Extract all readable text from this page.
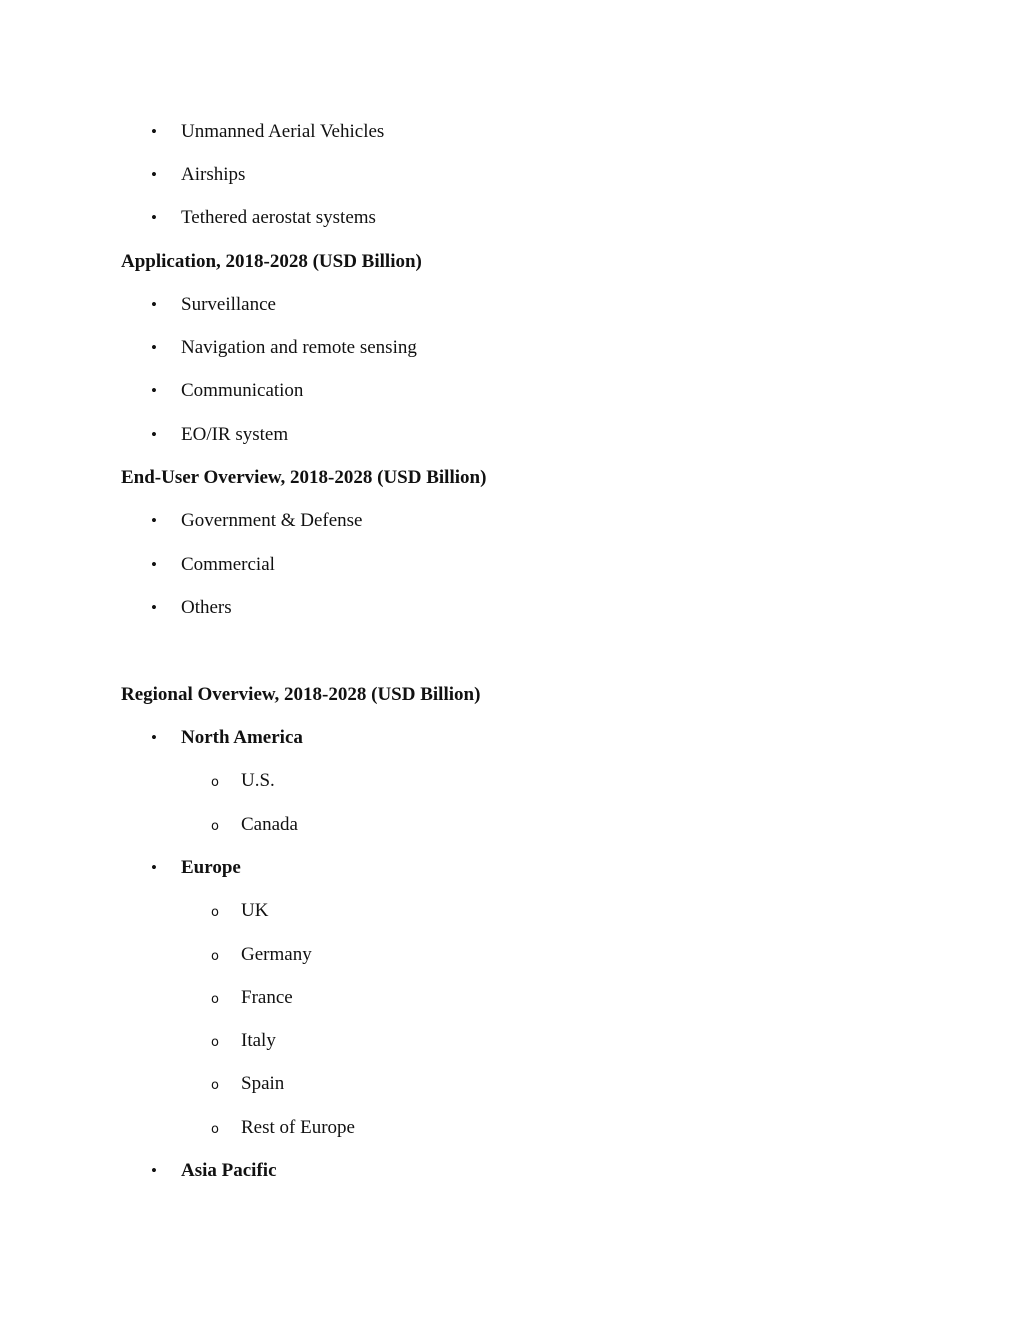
•	Unmanned Aerial Vehicles
•	Airships
•	Tethered aerostat systems
Application, 2018-2028 (USD Billion)
•	Surveillance
•	Navigation and remote sensing
•	Communication
•	EO/IR system
End-User Overview, 2018-2028 (USD Billion)
•	Government & Defense
•	Commercial
•	Others
Regional Overview, 2018-2028 (USD Billion)
•	North America
o U.S.
o Canada
•	Europe
o UK
o Germany
o France
o Italy
o Spain
o Rest of Europe
•	Asia Pacific
